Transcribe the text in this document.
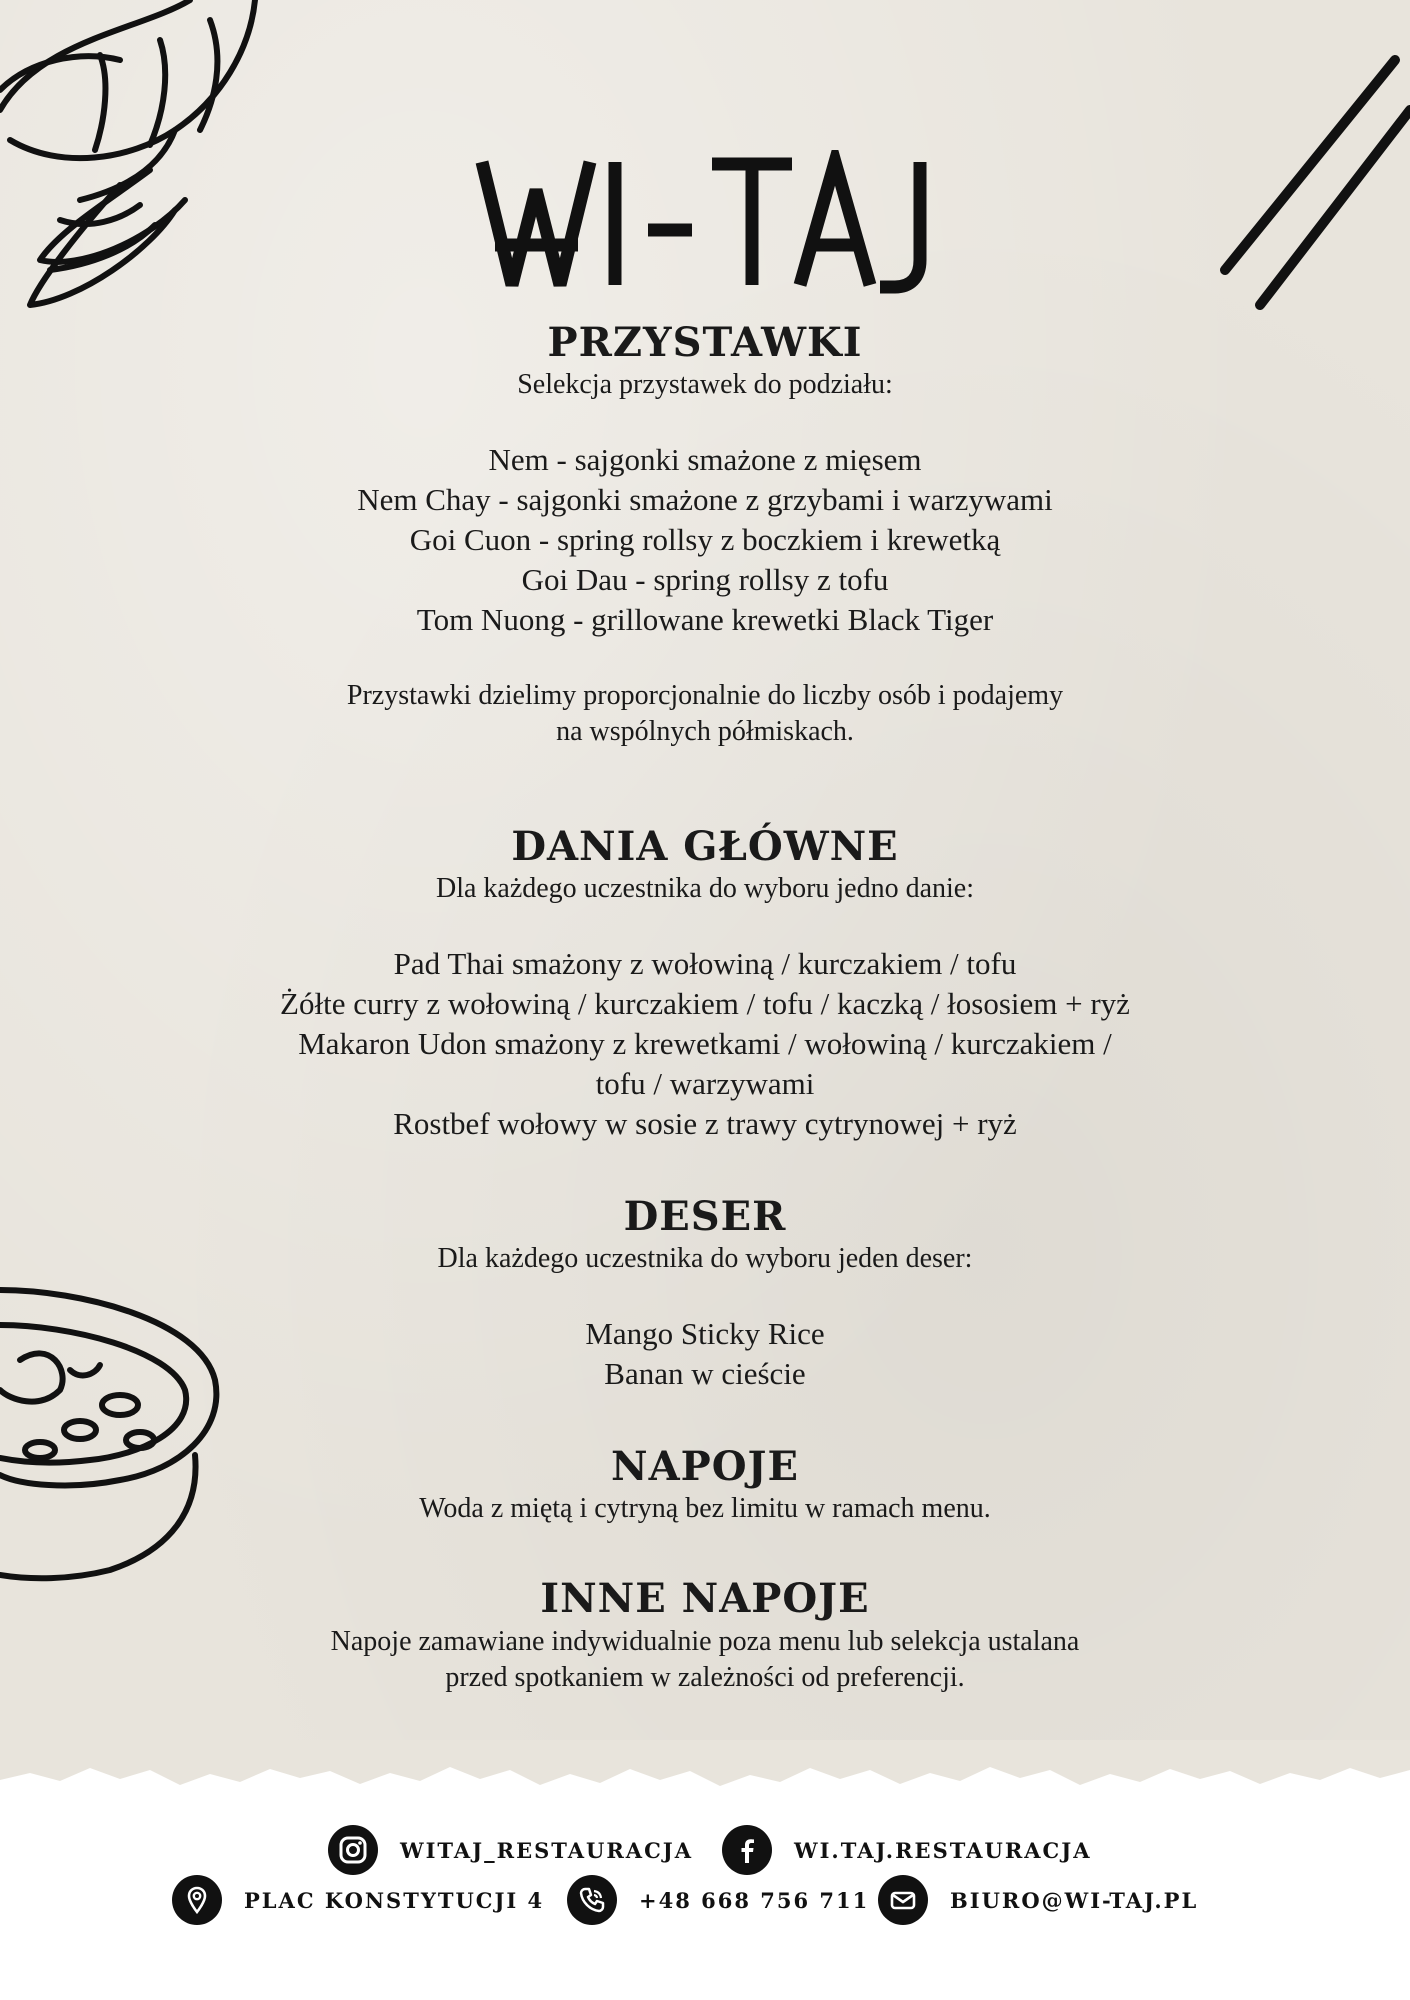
PRZYSTAWKI

Selekcja przystawek do podziału:

Nem - sajgonki smażone z mięsem
Nem Chay - sajgonki smażone z grzybami i warzywami
Goi Cuon - spring rollsy z boczkiem i krewetką
Goi Dau - spring rollsy z tofu
Tom Nuong - grillowane krewetki Black Tiger
Przystawki dzielimy proporcjonalnie do liczby osób i podajemy
na wspólnych półmiskach.
DANIA GŁÓWNE

Dla każdego uczestnika do wyboru jedno danie:

Pad Thai smażony z wołowiną / kurczakiem / tofu
Żółte curry z wołowiną / kurczakiem / tofu / kaczką / łososiem + ryż
Makaron Udon smażony z krewetkami / wołowiną / kurczakiem /
tofu / warzywami
Rostbef wołowy w sosie z trawy cytrynowej + ryż
DESER

Dla każdego uczestnika do wyboru jeden deser:

Mango Sticky Rice
Banan w cieście
NAPOJE

Woda z miętą i cytryną bez limitu w ramach menu.

INNE NAPOJE
Napoje zamawiane indywidualnie poza menu lub selekcja ustalana
przed spotkaniem w zależności od preferencji.
WITAJ_RESTAURACJA	WI.TAJ.RESTAURACJA
PLAC KONSTYTUCJI 4	+48 668 756 711	BIURO@WI-TAJ.PL
